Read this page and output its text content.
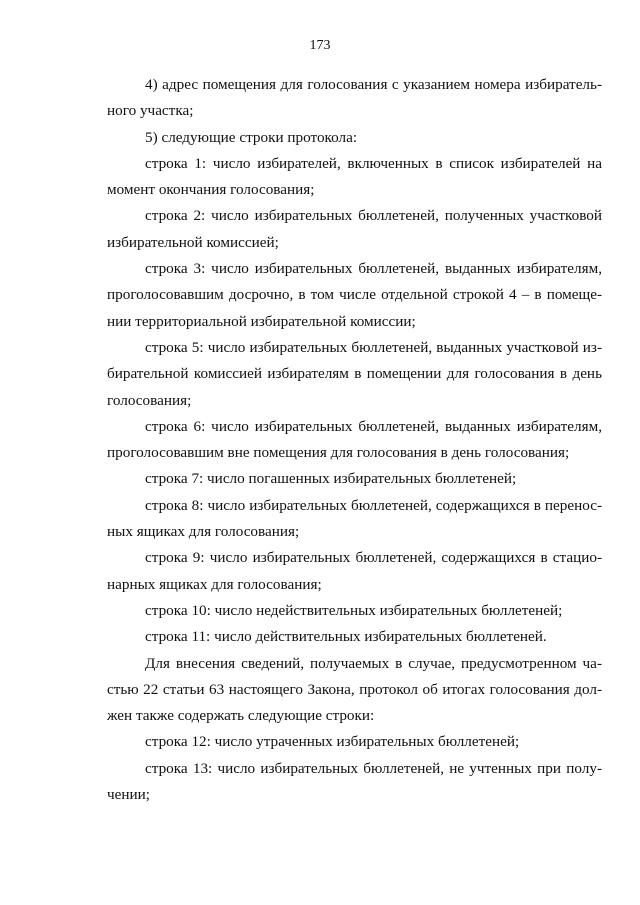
173

4) адрес помещения для голосования с указанием номера избирательного участка;

5) следующие строки протокола:

строка 1: число избирателей, включенных в список избирателей на момент окончания голосования;

строка 2: число избирательных бюллетеней, полученных участковой избирательной комиссией;

строка 3: число избирательных бюллетеней, выданных избирателям, проголосовавшим досрочно, в том числе отдельной строкой 4 – в помещении территориальной избирательной комиссии;

строка 5: число избирательных бюллетеней, выданных участковой избирательной комиссией избирателям в помещении для голосования в день голосования;

строка 6: число избирательных бюллетеней, выданных избирателям, проголосовавшим вне помещения для голосования в день голосования;

строка 7: число погашенных избирательных бюллетеней;

строка 8: число избирательных бюллетеней, содержащихся в переносных ящиках для голосования;

строка 9: число избирательных бюллетеней, содержащихся в стационарных ящиках для голосования;

строка 10: число недействительных избирательных бюллетеней;

строка 11: число действительных избирательных бюллетеней.

Для внесения сведений, получаемых в случае, предусмотренном частью 22 статьи 63 настоящего Закона, протокол об итогах голосования должен также содержать следующие строки:

строка 12: число утраченных избирательных бюллетеней;

строка 13: число избирательных бюллетеней, не учтенных при получении;
